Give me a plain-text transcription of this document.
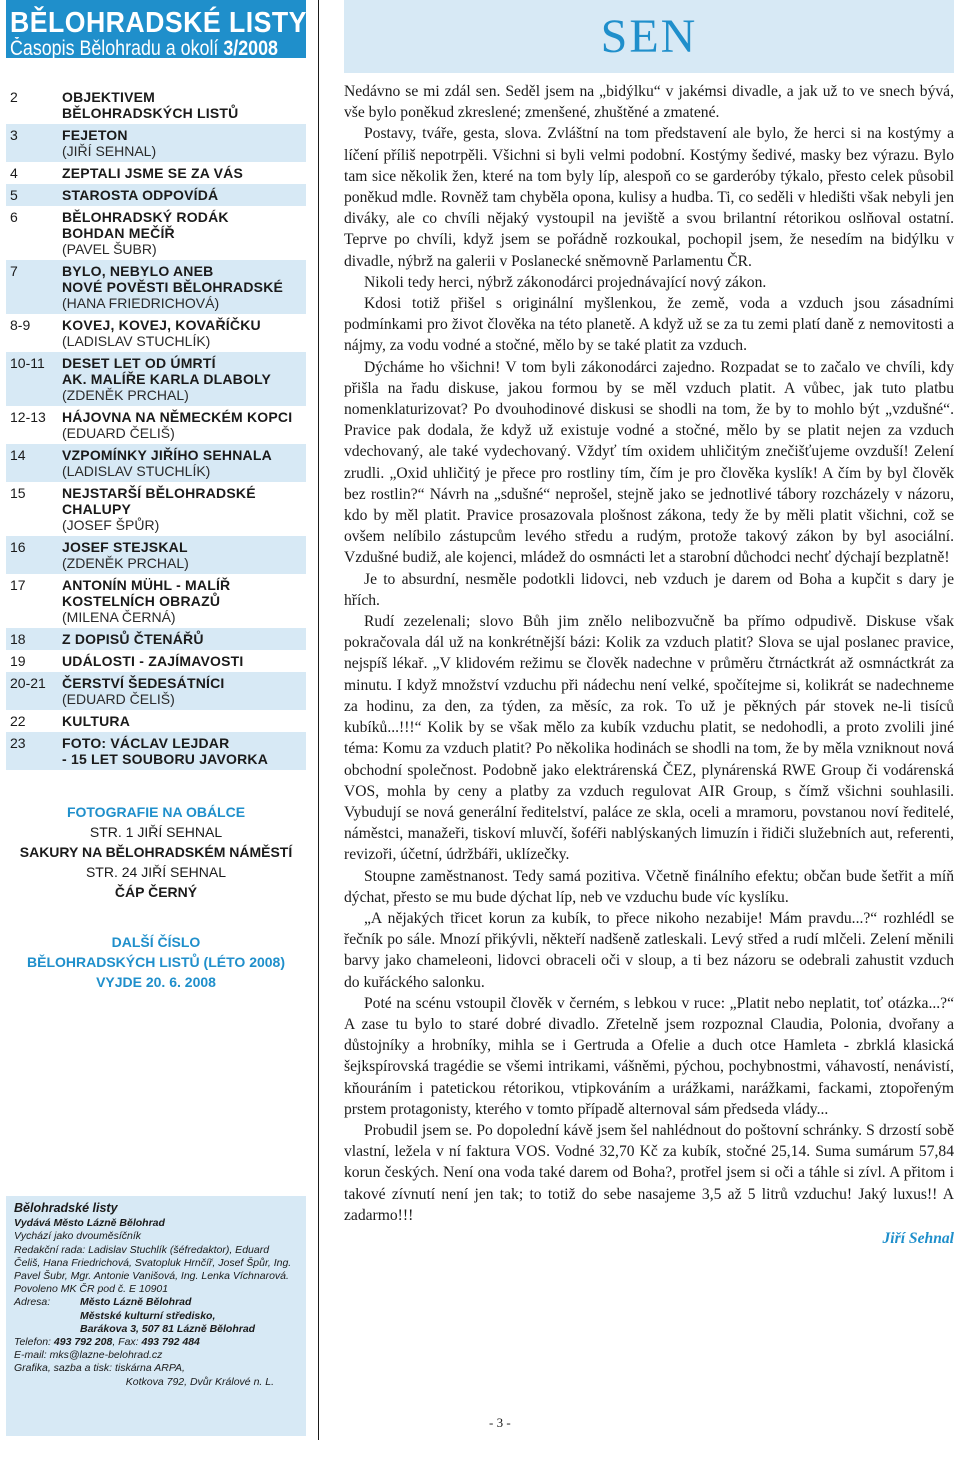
BĚLOHRADSKÉ LISTY
Časopis Bělohradu a okolí 3/2008
2	OBJEKTIVEM
BĚLOHRADSKÝCH LISTŮ
3	FEJETON
(JIŘÍ SEHNAL)
4	ZEPTALI JSME SE ZA VÁS
5	STAROSTA ODPOVÍDÁ
6	BĚLOHRADSKÝ RODÁK
BOHDAN MEČÍŘ
(PAVEL ŠUBR)
7	BYLO, NEBYLO ANEB
NOVÉ POVĚSTI BĚLOHRADSKÉ
(HANA FRIEDRICHOVÁ)
8-9	KOVEJ, KOVEJ, KOVAŘÍČKU
(LADISLAV STUCHLÍK)
10-11	DESET LET OD ÚMRTÍ
AK. MALÍŘE KARLA DLABOLY
(ZDENĚK PRCHAL)
12-13	HÁJOVNA NA NĚMECKÉM KOPCI
(EDUARD ČELIŠ)
14	VZPOMÍNKY JIŘÍHO SEHNALA
(LADISLAV STUCHLÍK)
15	NEJSTARŠÍ BĚLOHRADSKÉ
CHALUPY
(JOSEF ŠPŮR)
16	JOSEF STEJSKAL
(ZDENĚK PRCHAL)
17	ANTONÍN MÜHL - MALÍŘ
KOSTELNÍCH OBRAZŮ
(MILENA ČERNÁ)
18	Z DOPISŮ ČTENÁŘŮ
19	UDÁLOSTI - ZAJÍMAVOSTI
20-21	ČERSTVÍ ŠEDESÁTNÍCI
(EDUARD ČELIŠ)
22	KULTURA
23	FOTO: VÁCLAV LEJDAR
- 15 LET SOUBORU JAVORKA
FOTOGRAFIE NA OBÁLCE
STR. 1 JIŘÍ SEHNAL
SAKURY NA BĚLOHRADSKÉM NÁMĚSTÍ
STR. 24 JIŘÍ SEHNAL
ČÁP ČERNÝ
DALŠÍ ČÍSLO
BĚLOHRADSKÝCH LISTŮ (LÉTO 2008)
VYJDE 20. 6. 2008
Bělohradské listy
Vydává Město Lázně Bělohrad
Vychází jako dvouměsíčník
Redakční rada: Ladislav Stuchlík (šéfredaktor), Eduard Čeliš, Hana Friedrichová, Svatopluk Hrnčíř, Josef Špůr, Ing. Pavel Šubr, Mgr. Antonie Vanišová, Ing. Lenka Víchnarová.
Povoleno MK ČR pod č. E 10901
Adresa:	Město Lázně Bělohrad
Městské kulturní středisko,
Barákova 3, 507 81 Lázně Bělohrad
Telefon: 493 792 208, Fax: 493 792 484
E-mail: mks@lazne-belohrad.cz
Grafika, sazba a tisk: tiskárna ARPA,
Kotkova 792, Dvůr Králové n. L.
SEN

Nedávno se mi zdál sen. Seděl jsem na „bidýlku“ v jakémsi divadle, a jak už to ve snech bývá, vše bylo poněkud zkreslené; zmenšené, zhuštěné a zmatené.

Postavy, tváře, gesta, slova. Zvláštní na tom představení ale bylo, že herci si na kostýmy a líčení příliš nepotrpěli. Všichni si byli velmi podobní. Kostýmy šedivé, masky bez výrazu. Bylo tam sice několik žen, které na tom byly líp, alespoň co se garderóby týkalo, přesto celek působil poněkud mdle. Rovněž tam chyběla opona, kulisy a hudba. Ti, co seděli v hledišti však nebyli jen diváky, ale co chvíli nějaký vystoupil na jeviště a svou brilantní rétorikou oslňoval ostatní. Teprve po chvíli, když jsem se pořádně rozkoukal, pochopil jsem, že nesedím na bidýlku v divadle, nýbrž na galerii v Poslanecké sněmovně Parlamentu ČR.

Nikoli tedy herci, nýbrž zákonodárci projednávající nový zákon.

Kdosi totiž přišel s originální myšlenkou, že země, voda a vzduch jsou zásadními podmínkami pro život člověka na této planetě. A když už se za tu zemi platí daně z nemovitosti a nájmy, za vodu vodné a stočné, mělo by se také platit za vzduch.

Dýcháme ho všichni! V tom byli zákonodárci zajedno. Rozpadat se to začalo ve chvíli, kdy přišla na řadu diskuse, jakou formou by se měl vzduch platit. A vůbec, jak tuto platbu nomenklaturizovat? Po dvouhodinové diskusi se shodli na tom, že by to mohlo být „vzdušné“. Pravice pak dodala, že když už existuje vodné a stočné, mělo by se platit nejen za vzduch vdechovaný, ale také vydechovaný. Vždyť tím oxidem uhličitým znečišťujeme ovzduší! Zelení zrudli. „Oxid uhličitý je přece pro rostliny tím, čím je pro člověka kyslík! A čím by byl člověk bez rostlin?“ Návrh na „sdušné“ neprošel, stejně jako se jednotlivé tábory rozcházely v názoru, kdo by měl platit. Pravice prosazovala plošnost zákona, tedy že by měli platit všichni, což se ovšem nelíbilo zástupcům levého středu a rudým, protože takový zákon by byl asociální. Vzdušné budiž, ale kojenci, mládež do osmnácti let a starobní důchodci nechť dýchají bezplatně!

Je to absurdní, nesměle podotkli lidovci, neb vzduch je darem od Boha a kupčit s dary je hřích.

Rudí zezelenali; slovo Bůh jim znělo nelibozvučně ba přímo odpudivě. Diskuse však pokračovala dál už na konkrétnější bázi: Kolik za vzduch platit? Slova se ujal poslanec pravice, nejspíš lékař. „V klidovém režimu se člověk nadechne v průměru čtrnáctkrát až osmnáctkrát za minutu. I když množství vzduchu při nádechu není velké, spočítejme si, kolikrát se nadechneme za hodinu, za den, za týden, za měsíc, za rok. To už je pěkných pár stovek ne-li tisíců kubíků...!!!“ Kolik by se však mělo za kubík vzduchu platit, se nedohodli, a proto zvolili jiné téma: Komu za vzduch platit? Po několika hodinách se shodli na tom, že by měla vzniknout nová obchodní společnost. Podobně jako elektrárenská ČEZ, plynárenská RWE Group či vodárenská VOS, mohla by ceny a platby za vzduch regulovat AIR Group, s čímž všichni souhlasili. Vybudují se nová generální ředitelství, paláce ze skla, oceli a mramoru, povstanou noví ředitelé, náměstci, manažeři, tiskoví mluvčí, šoféři nablýskaných limuzín i řidiči služebních aut, referenti, revizoři, účetní, údržbáři, uklízečky.

Stoupne zaměstnanost. Tedy samá pozitiva. Včetně finálního efektu; občan bude šetřit a míň dýchat, přesto se mu bude dýchat líp, neb ve vzduchu bude víc kyslíku.

„A nějakých třicet korun za kubík, to přece nikoho nezabije! Mám pravdu...?“ rozhlédl se řečník po sále. Mnozí přikývli, někteří nadšeně zatleskali. Levý střed a rudí mlčeli. Zelení měnili barvy jako chameleoni, lidovci obraceli oči v sloup, a ti bez názoru se odebrali zahustit vzduch do kuřáckého salonku.

Poté na scénu vstoupil člověk v černém, s lebkou v ruce: „Platit nebo neplatit, toť otázka...?“ A zase tu bylo to staré dobré divadlo. Zřetelně jsem rozpoznal Claudia, Polonia, dvořany a důstojníky a hrobníky, mihla se i Gertruda a Ofelie a duch otce Hamleta - zbrklá klasická šejkspírovská tragédie se všemi intrikami, vášněmi, pýchou, pochybnostmi, váhavostí, nenávistí, kňouráním i patetickou rétorikou, vtipkováním a urážkami, narážkami, fackami, ztopořeným prstem protagonisty, kterého v tomto případě alternoval sám předseda vlády...

Probudil jsem se. Po dopolední kávě jsem šel nahlédnout do poštovní schránky. S drzostí sobě vlastní, ležela v ní faktura VOS. Vodné 32,70 Kč za kubík, stočné 25,14. Suma sumárum 57,84 korun českých. Není ona voda také darem od Boha?, protřel jsem si oči a táhle si zívl. A přitom i takové zívnutí není jen tak; to totiž do sebe nasajeme 3,5 až 5 litrů vzduchu! Jaký luxus!! A zadarmo!!!

Jiří Sehnal
- 3 -
